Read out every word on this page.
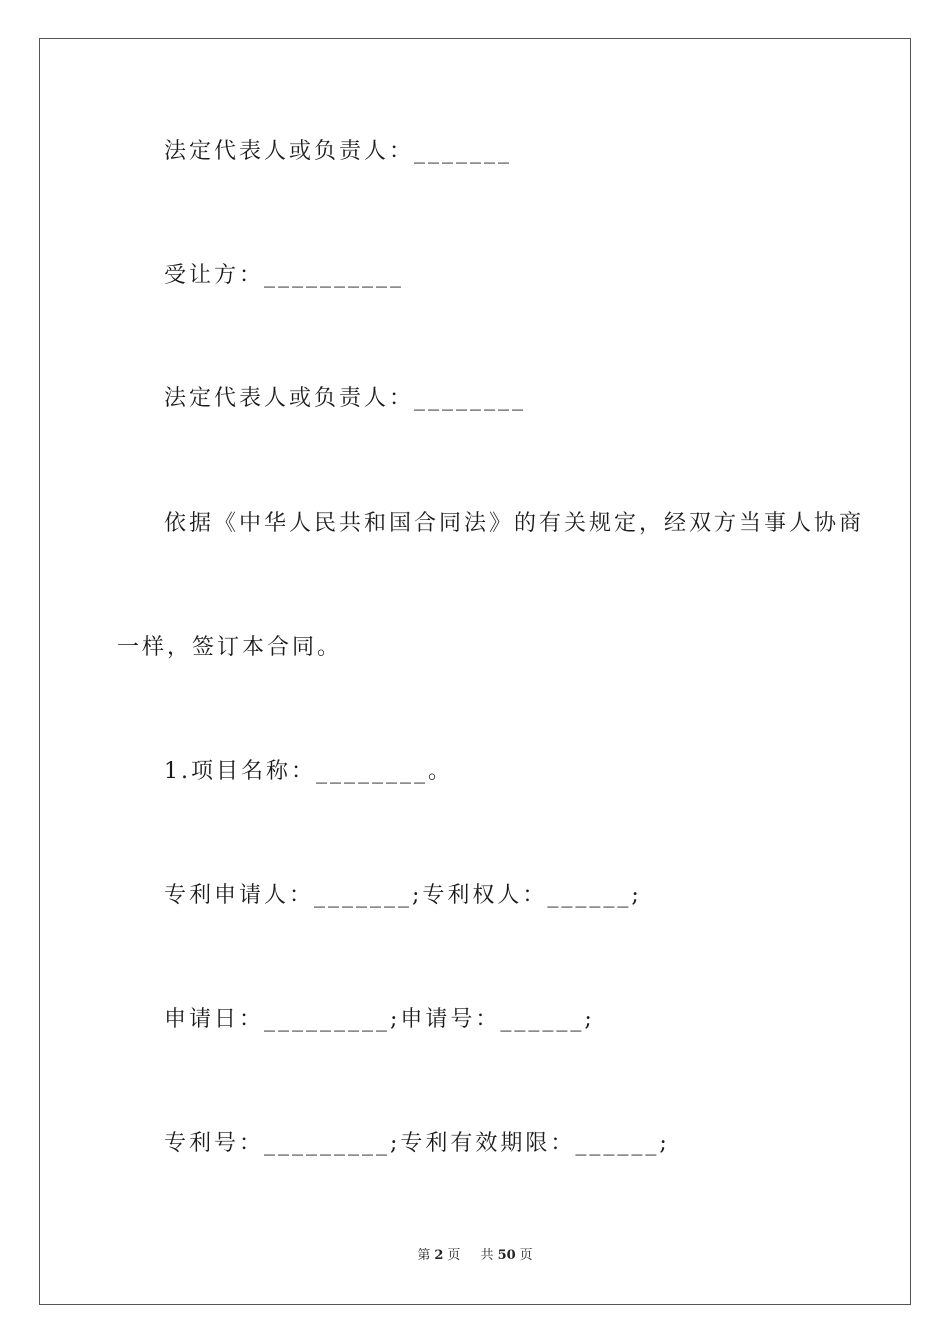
法定代表人或负责人：_______
受让方：__________
法定代表人或负责人：________
依据《中华人民共和国合同法》的有关规定，经双方当事人协商
一样，签订本合同。
1.项目名称：________。
专利申请人：_______;专利权人：______;
申请日：_________;申请号：______;
专利号：_________;专利有效期限：______;
第 2 页 共 50 页
